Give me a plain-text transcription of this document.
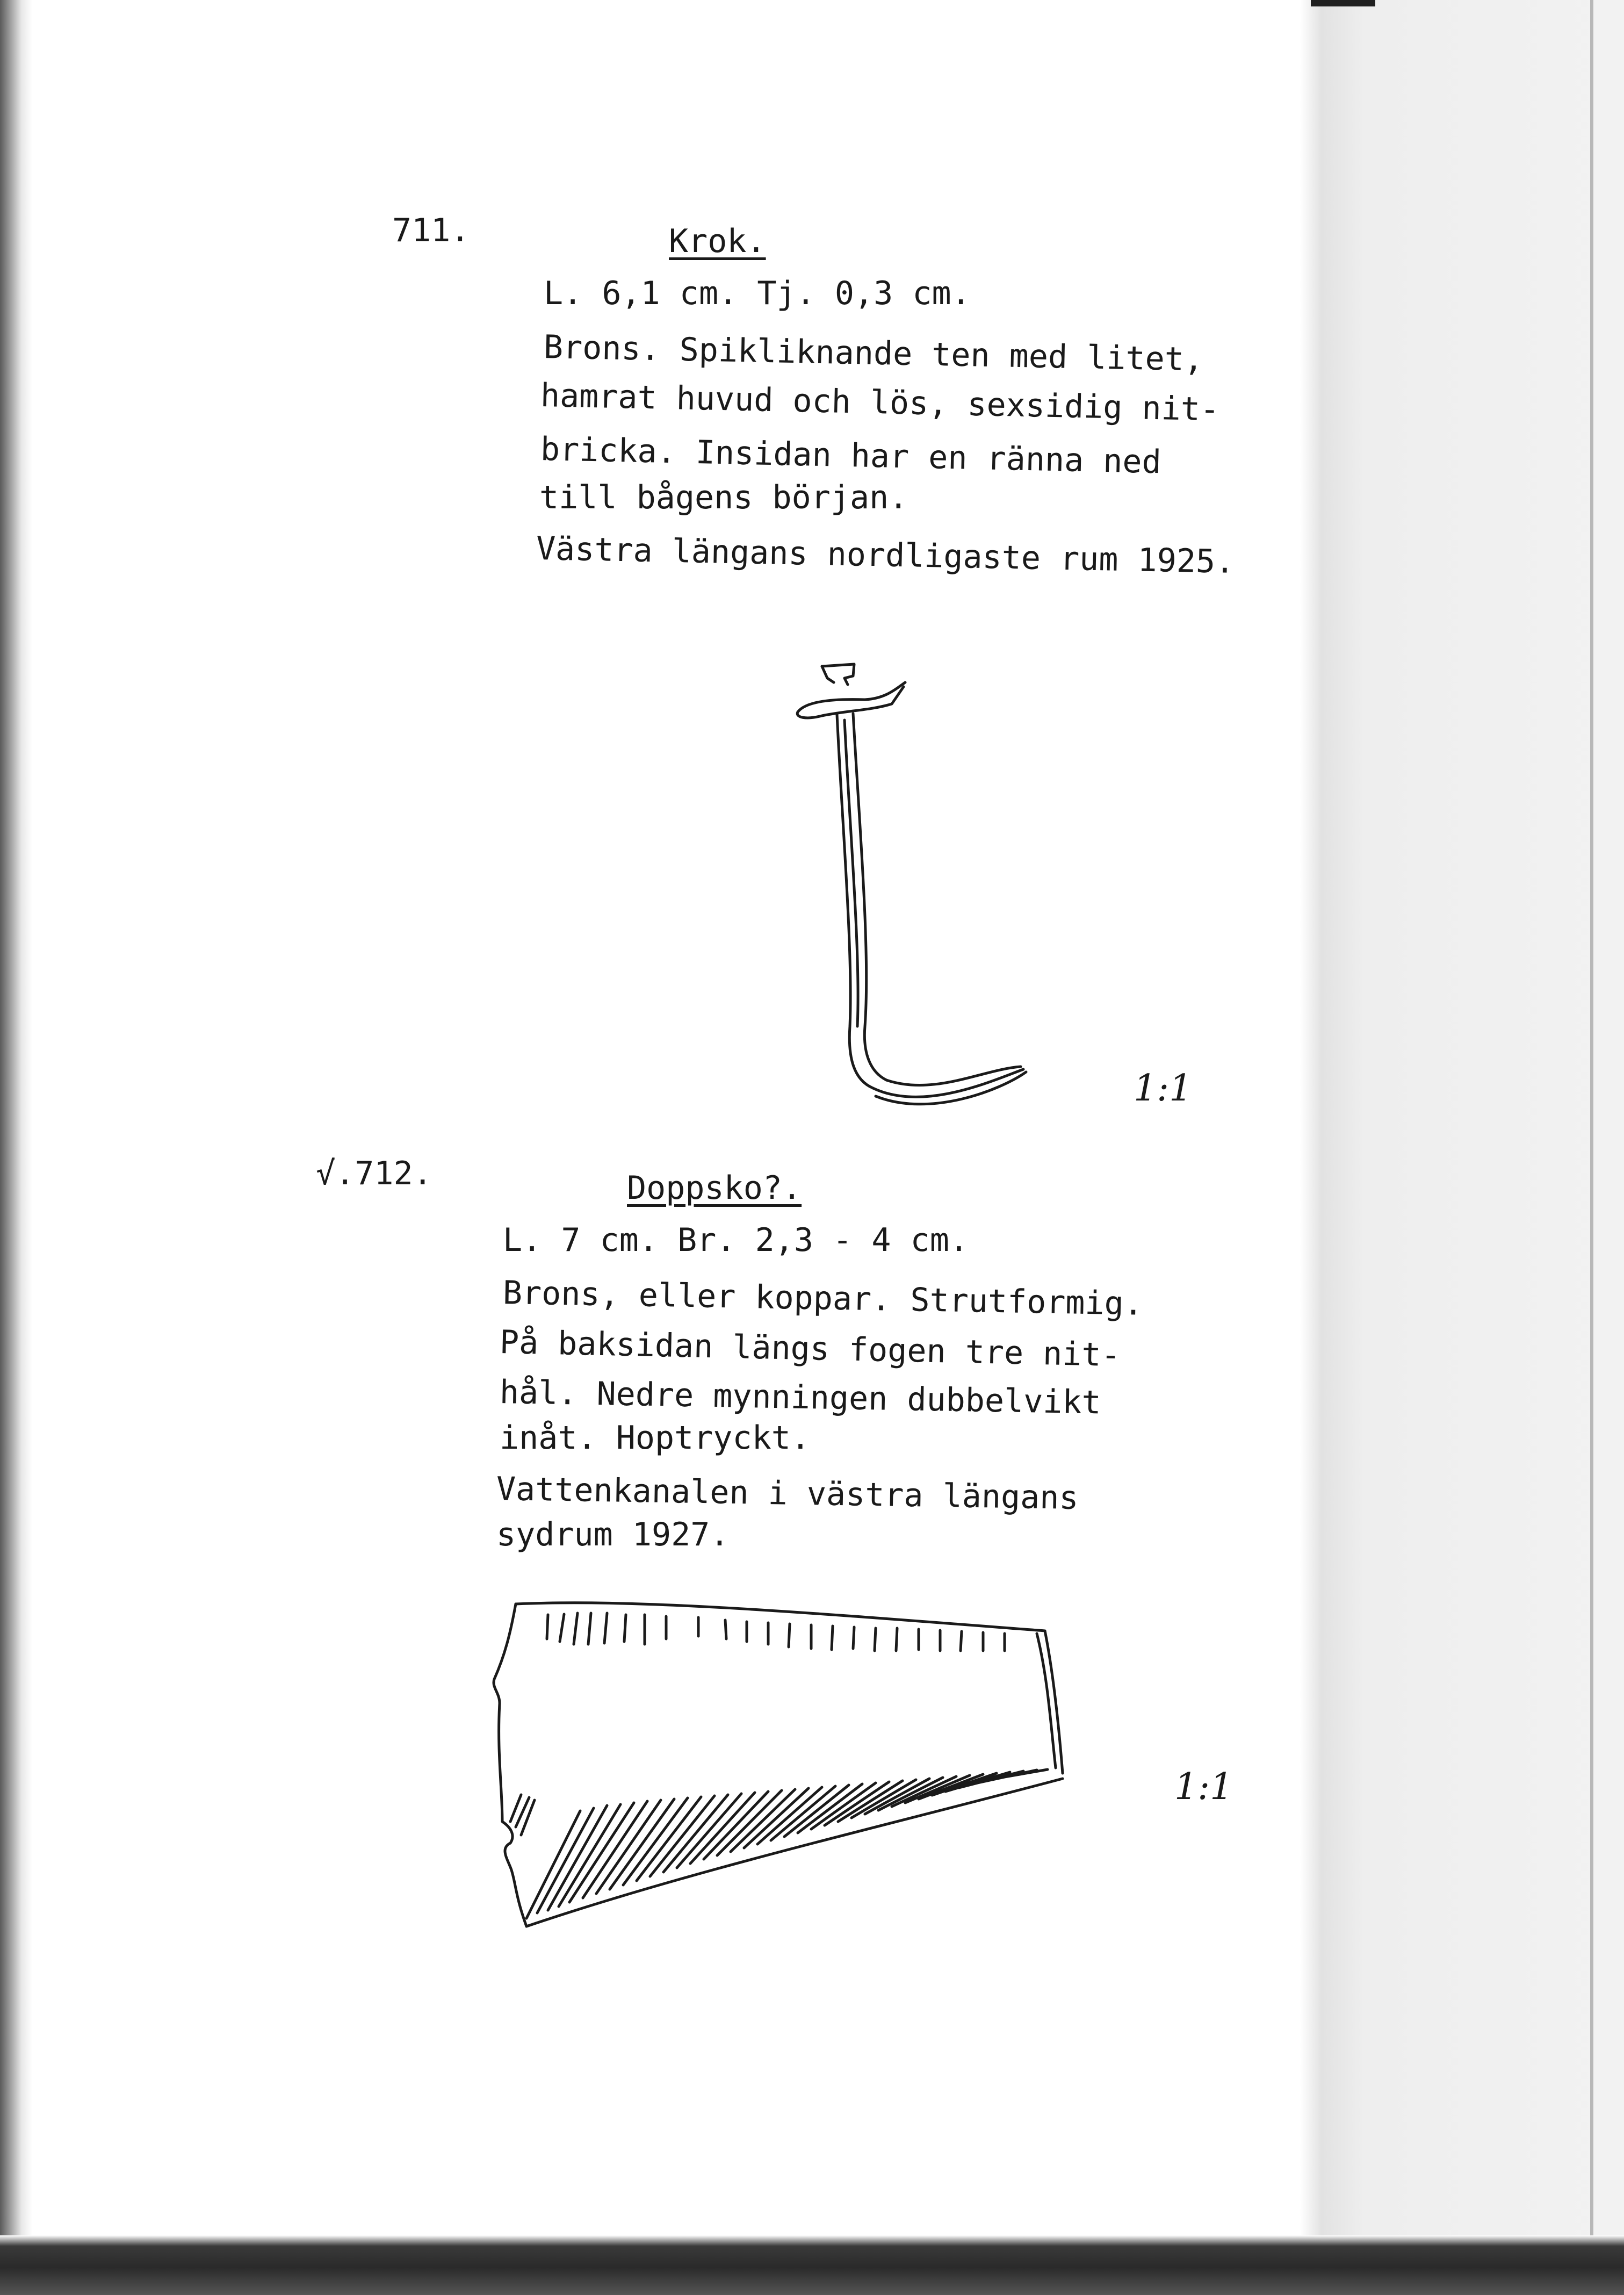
711.	Krok.
L. 6,1 cm. Tj. 0,3 cm.
Brons. Spikliknande ten med litet,
hamrat huvud och lös, sexsidig nit-
bricka. Insidan har en ränna ned
till bågens början.
Västra längans nordligaste rum 1925.
1:1
√.712.	Doppsko?.
L. 7 cm. Br. 2,3 - 4 cm.
Brons, eller koppar. Strutformig.
På baksidan längs fogen tre nit-
hål. Nedre mynningen dubbelvikt
inåt. Hoptryckt.
Vattenkanalen i västra längans
sydrum 1927.
1:1
